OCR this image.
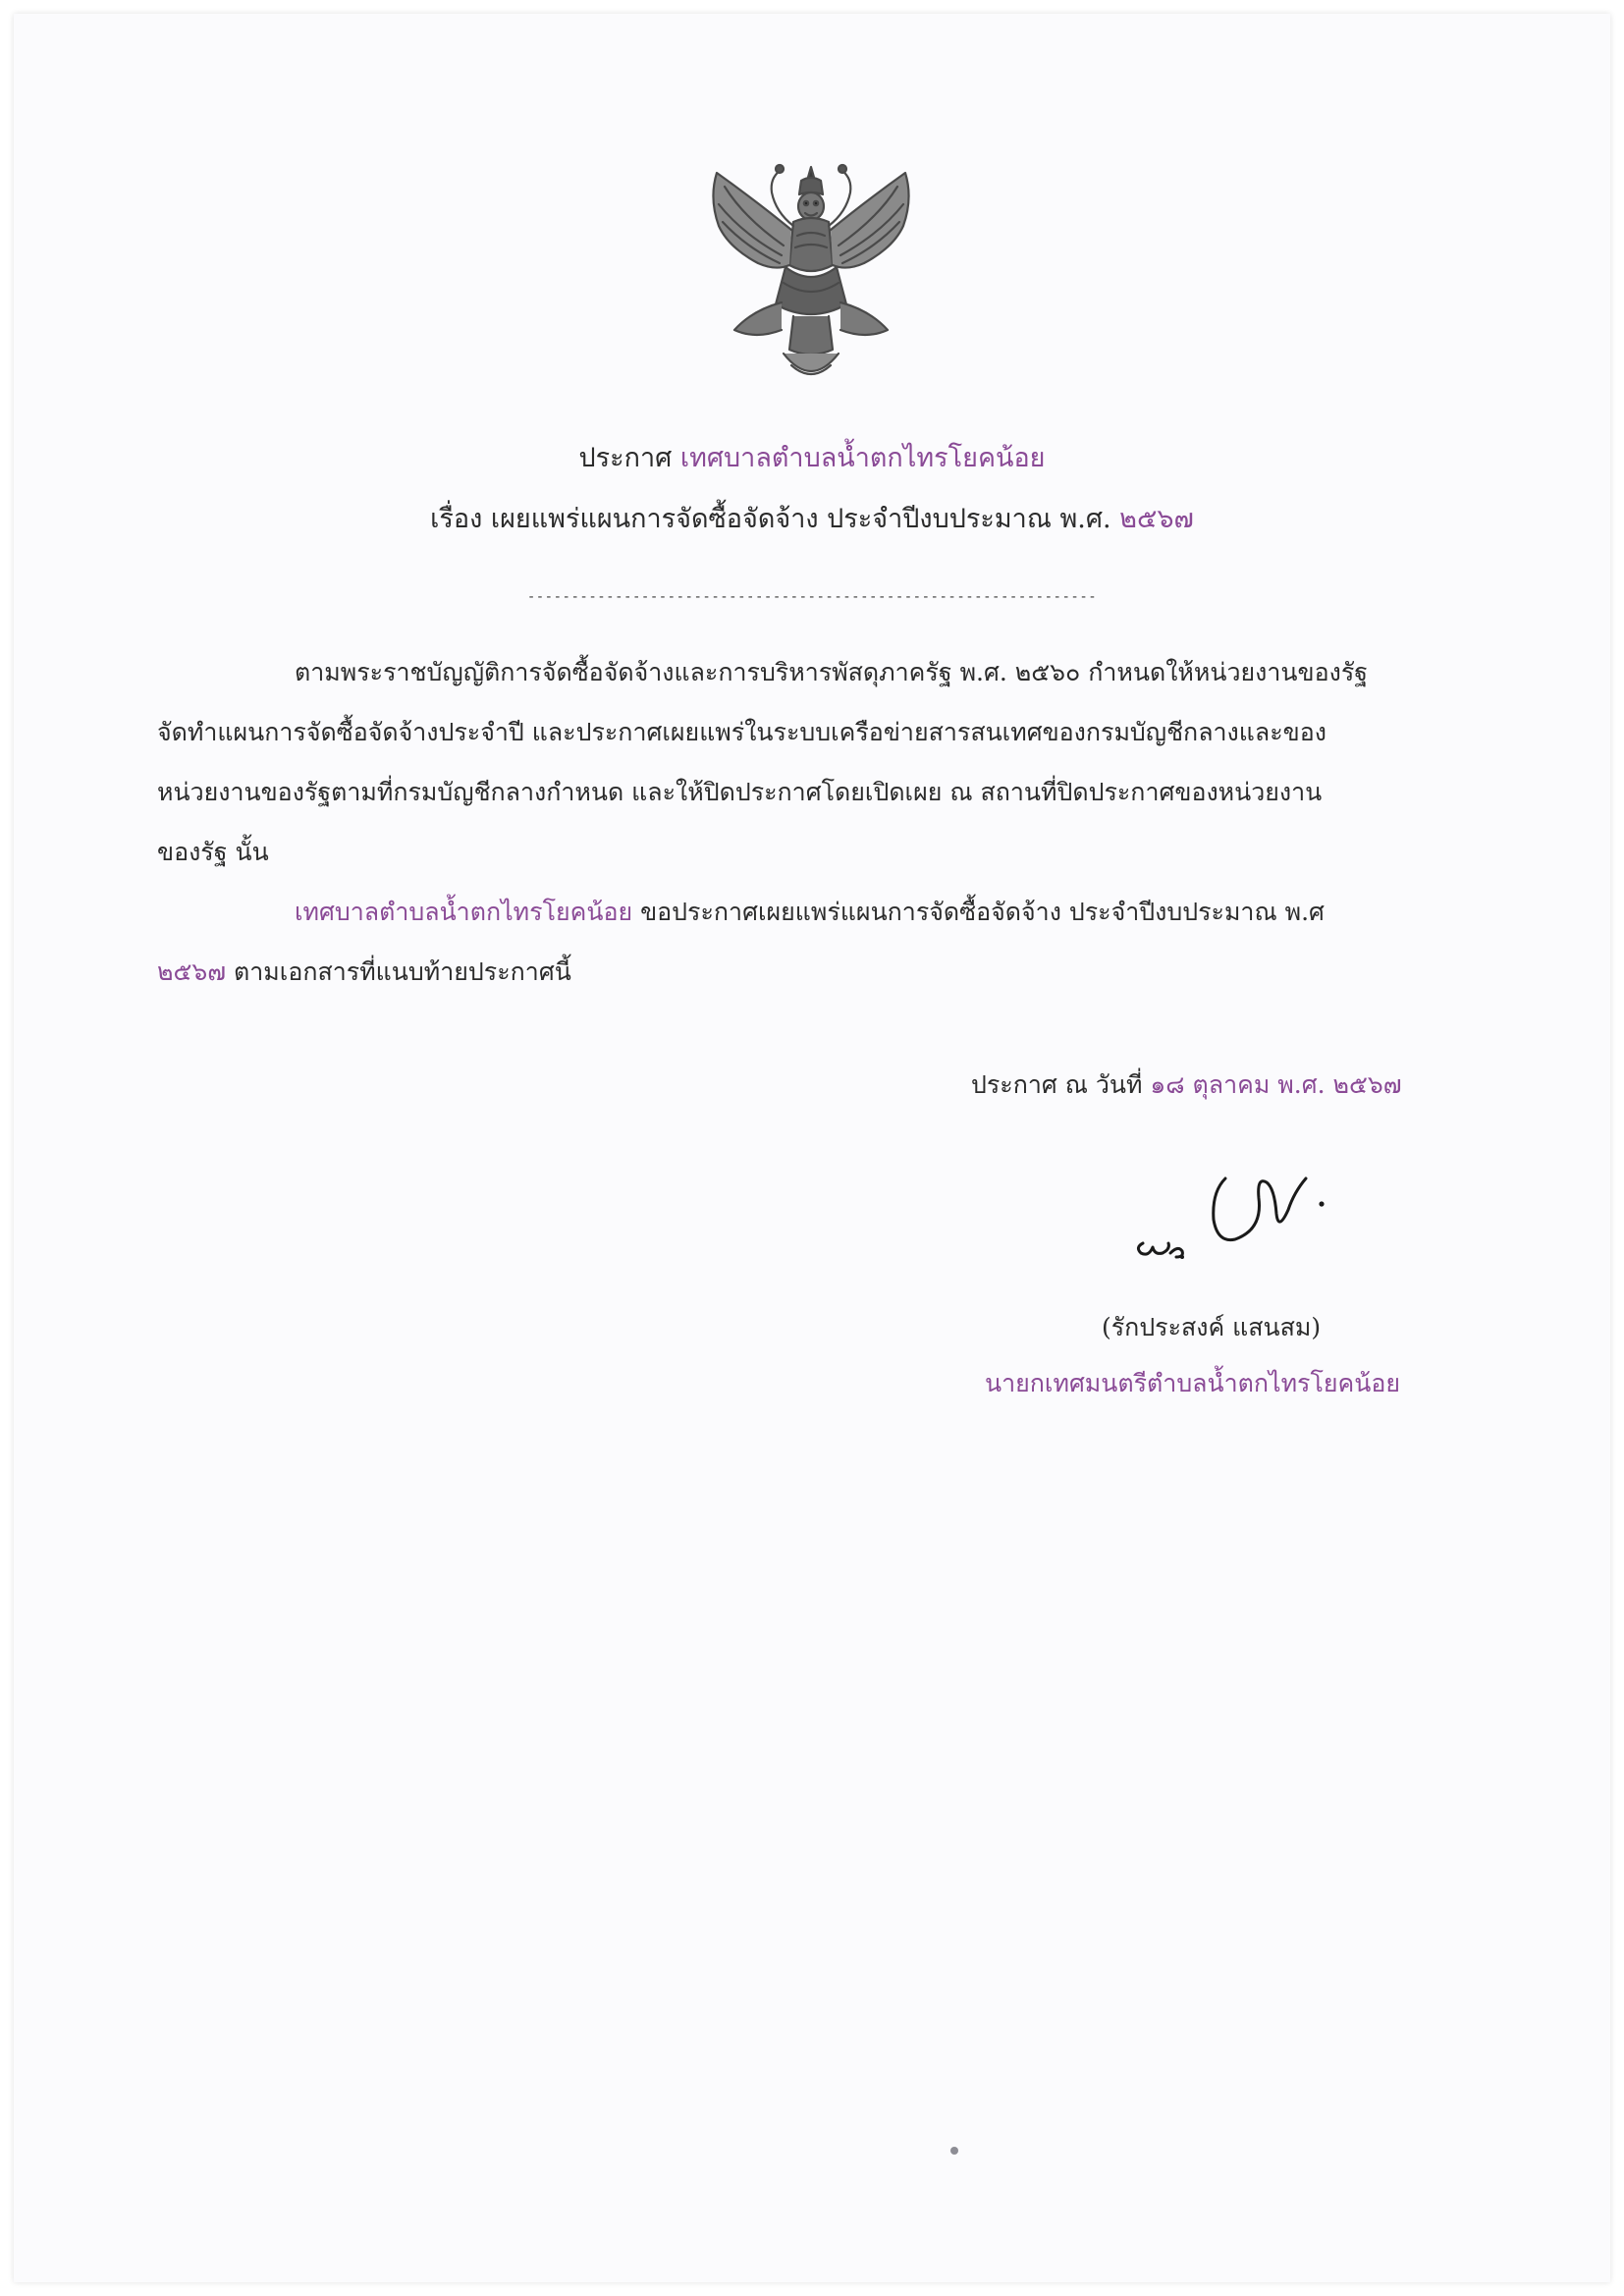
ประกาศ เทศบาลตำบลน้ำตกไทรโยคน้อย
เรื่อง เผยแพร่แผนการจัดซื้อจัดจ้าง ประจำปีงบประมาณ พ.ศ. ๒๕๖๗
-----------------------------------------------------------------
ตามพระราชบัญญัติการจัดซื้อจัดจ้างและการบริหารพัสดุภาครัฐ พ.ศ. ๒๕๖๐ กำหนดให้หน่วยงานของรัฐ
จัดทำแผนการจัดซื้อจัดจ้างประจำปี และประกาศเผยแพร่ในระบบเครือข่ายสารสนเทศของกรมบัญชีกลางและของ
หน่วยงานของรัฐตามที่กรมบัญชีกลางกำหนด และให้ปิดประกาศโดยเปิดเผย ณ สถานที่ปิดประกาศของหน่วยงาน
ของรัฐ นั้น
เทศบาลตำบลน้ำตกไทรโยคน้อย ขอประกาศเผยแพร่แผนการจัดซื้อจัดจ้าง ประจำปีงบประมาณ พ.ศ
๒๕๖๗ ตามเอกสารที่แนบท้ายประกาศนี้
ประกาศ ณ วันที่ ๑๘ ตุลาคม พ.ศ. ๒๕๖๗
(รักประสงค์ แสนสม)
นายกเทศมนตรีตำบลน้ำตกไทรโยคน้อย
